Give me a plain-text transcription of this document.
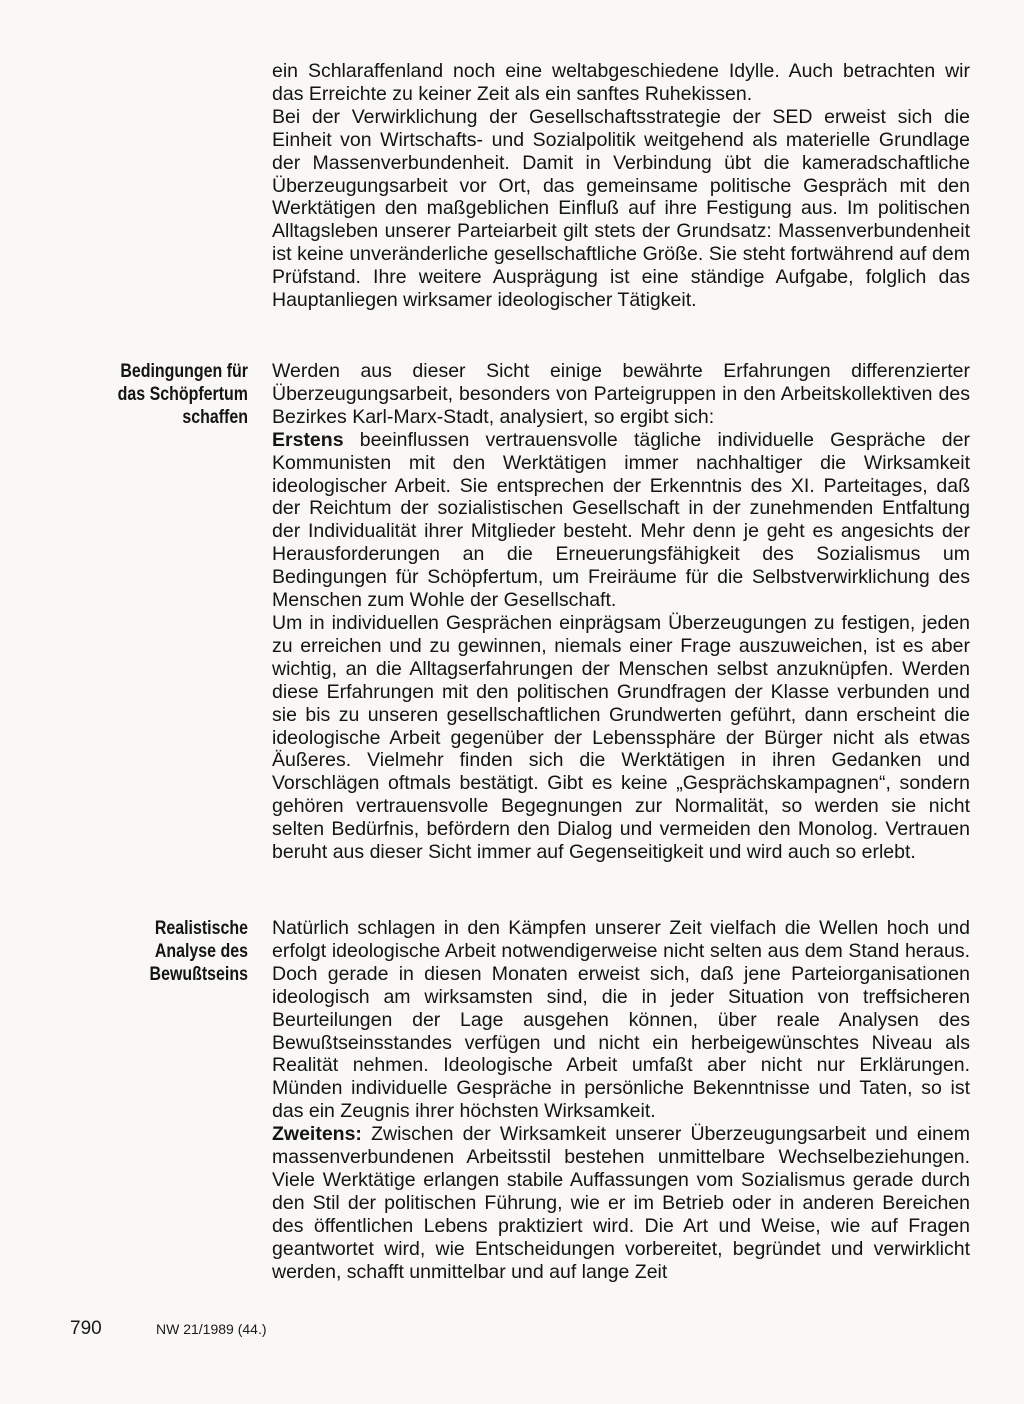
ein Schlaraffenland noch eine weltabgeschiedene Idylle. Auch betrachten wir das Erreichte zu keiner Zeit als ein sanftes Ruhekissen.

Bei der Verwirklichung der Gesellschaftsstrategie der SED erweist sich die Einheit von Wirtschafts- und Sozialpolitik weitgehend als materielle Grundlage der Massenverbundenheit. Damit in Verbindung übt die kameradschaftliche Überzeugungsarbeit vor Ort, das gemeinsame politische Gespräch mit den Werktätigen den maßgeblichen Einfluß auf ihre Festigung aus. Im politischen Alltagsleben unserer Parteiarbeit gilt stets der Grundsatz: Massenverbundenheit ist keine unveränderliche gesellschaftliche Größe. Sie steht fortwährend auf dem Prüfstand. Ihre weitere Ausprägung ist eine ständige Aufgabe, folglich das Hauptanliegen wirksamer ideologischer Tätigkeit.

Bedingungen für
das Schöpfertum
schaffen

Werden aus dieser Sicht einige bewährte Erfahrungen differenzierter Überzeugungsarbeit, besonders von Parteigruppen in den Arbeitskollektiven des Bezirkes Karl-Marx-Stadt, analysiert, so ergibt sich:

Erstens beeinflussen vertrauensvolle tägliche individuelle Gespräche der Kommunisten mit den Werktätigen immer nachhaltiger die Wirksamkeit ideologischer Arbeit. Sie entsprechen der Erkenntnis des XI. Parteitages, daß der Reichtum der sozialistischen Gesellschaft in der zunehmenden Entfaltung der Individualität ihrer Mitglieder besteht. Mehr denn je geht es angesichts der Herausforderungen an die Erneuerungsfähigkeit des Sozialismus um Bedingungen für Schöpfertum, um Freiräume für die Selbstverwirklichung des Menschen zum Wohle der Gesellschaft.

Um in individuellen Gesprächen einprägsam Überzeugungen zu festigen, jeden zu erreichen und zu gewinnen, niemals einer Frage auszuweichen, ist es aber wichtig, an die Alltagserfahrungen der Menschen selbst anzuknüpfen. Werden diese Erfahrungen mit den politischen Grundfragen der Klasse verbunden und sie bis zu unseren gesellschaftlichen Grundwerten geführt, dann erscheint die ideologische Arbeit gegenüber der Lebenssphäre der Bürger nicht als etwas Äußeres. Vielmehr finden sich die Werktätigen in ihren Gedanken und Vorschlägen oftmals bestätigt. Gibt es keine „Gesprächskampagnen“, sondern gehören vertrauensvolle Begegnungen zur Normalität, so werden sie nicht selten Bedürfnis, befördern den Dialog und vermeiden den Monolog. Vertrauen beruht aus dieser Sicht immer auf Gegenseitigkeit und wird auch so erlebt.

Realistische
Analyse des
Bewußtseins

Natürlich schlagen in den Kämpfen unserer Zeit vielfach die Wellen hoch und erfolgt ideologische Arbeit notwendigerweise nicht selten aus dem Stand heraus. Doch gerade in diesen Monaten erweist sich, daß jene Parteiorganisationen ideologisch am wirksamsten sind, die in jeder Situation von treffsicheren Beurteilungen der Lage ausgehen können, über reale Analysen des Bewußtseinsstandes verfügen und nicht ein herbeigewünschtes Niveau als Realität nehmen. Ideologische Arbeit umfaßt aber nicht nur Erklärungen. Münden individuelle Gespräche in persönliche Bekenntnisse und Taten, so ist das ein Zeugnis ihrer höchsten Wirksamkeit.

Zweitens: Zwischen der Wirksamkeit unserer Überzeugungsarbeit und einem massenverbundenen Arbeitsstil bestehen unmittelbare Wechselbeziehungen. Viele Werktätige erlangen stabile Auffassungen vom Sozialismus gerade durch den Stil der politischen Führung, wie er im Betrieb oder in anderen Bereichen des öffentlichen Lebens praktiziert wird. Die Art und Weise, wie auf Fragen geantwortet wird, wie Entscheidungen vorbereitet, begründet und verwirklicht werden, schafft unmittelbar und auf lange Zeit

790	NW 21/1989 (44.)
